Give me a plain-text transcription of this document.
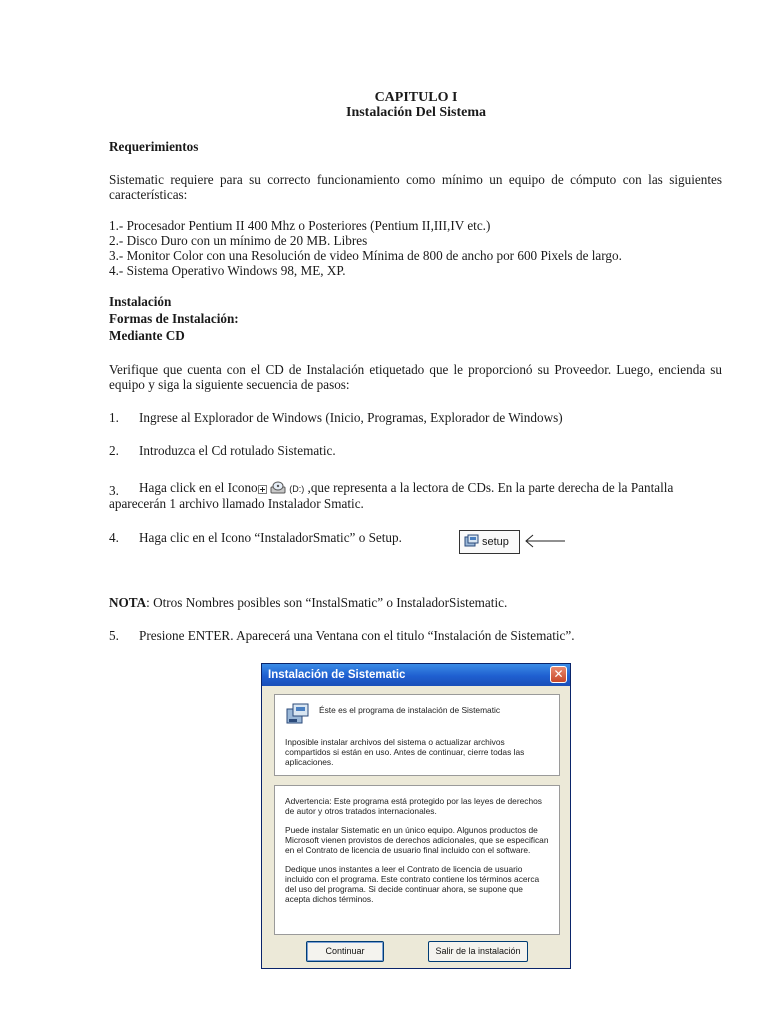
CAPITULO I
Instalación Del Sistema
Requerimientos
Sistematic requiere para su correcto funcionamiento como mínimo un equipo de cómputo con las siguientes características:
1.- Procesador Pentium II 400 Mhz o Posteriores (Pentium II,III,IV etc.)
2.- Disco Duro con un mínimo de 20 MB. Libres
3.- Monitor Color con una Resolución de video Mínima de 800 de ancho por 600 Pixels de largo.
4.- Sistema Operativo Windows 98, ME, XP.
Instalación
Formas de Instalación:
Mediante CD
Verifique que cuenta con el CD de Instalación etiquetado que le proporcionó su Proveedor. Luego, encienda su equipo y siga la siguiente secuencia de pasos:
1. Ingrese al Explorador de Windows (Inicio, Programas, Explorador de Windows)
2. Introduzca el Cd rotulado Sistematic.
3. Haga click en el Icono	(D:) ,que representa a la lectora de CDs. En la parte derecha de la Pantalla
aparecerán 1 archivo llamado Instalador Smatic.
4. Haga clic en el Icono “InstaladorSmatic” o Setup.	setup
NOTA: Otros Nombres posibles son “InstalSmatic” o InstaladorSistematic.
5. Presione ENTER. Aparecerá una Ventana con el titulo “Instalación de Sistematic”.
Instalación de Sistematic	✕
Éste es el programa de instalación de Sistematic

Inposible instalar archivos del sistema o actualizar archivos compartidos si están en uso. Antes de continuar, cierre todas las aplicaciones.

Advertencia: Este programa está protegido por las leyes de derechos de autor y otros tratados internacionales.

Puede instalar Sistematic en un único equipo. Algunos productos de Microsoft vienen provistos de derechos adicionales, que se especifican en el Contrato de licencia de usuario final incluido con el software.

Dedique unos instantes a leer el Contrato de licencia de usuario incluido con el programa. Este contrato contiene los términos acerca del uso del programa. Si decide continuar ahora, se supone que acepta dichos términos.

Continuar	Salir de la instalación
